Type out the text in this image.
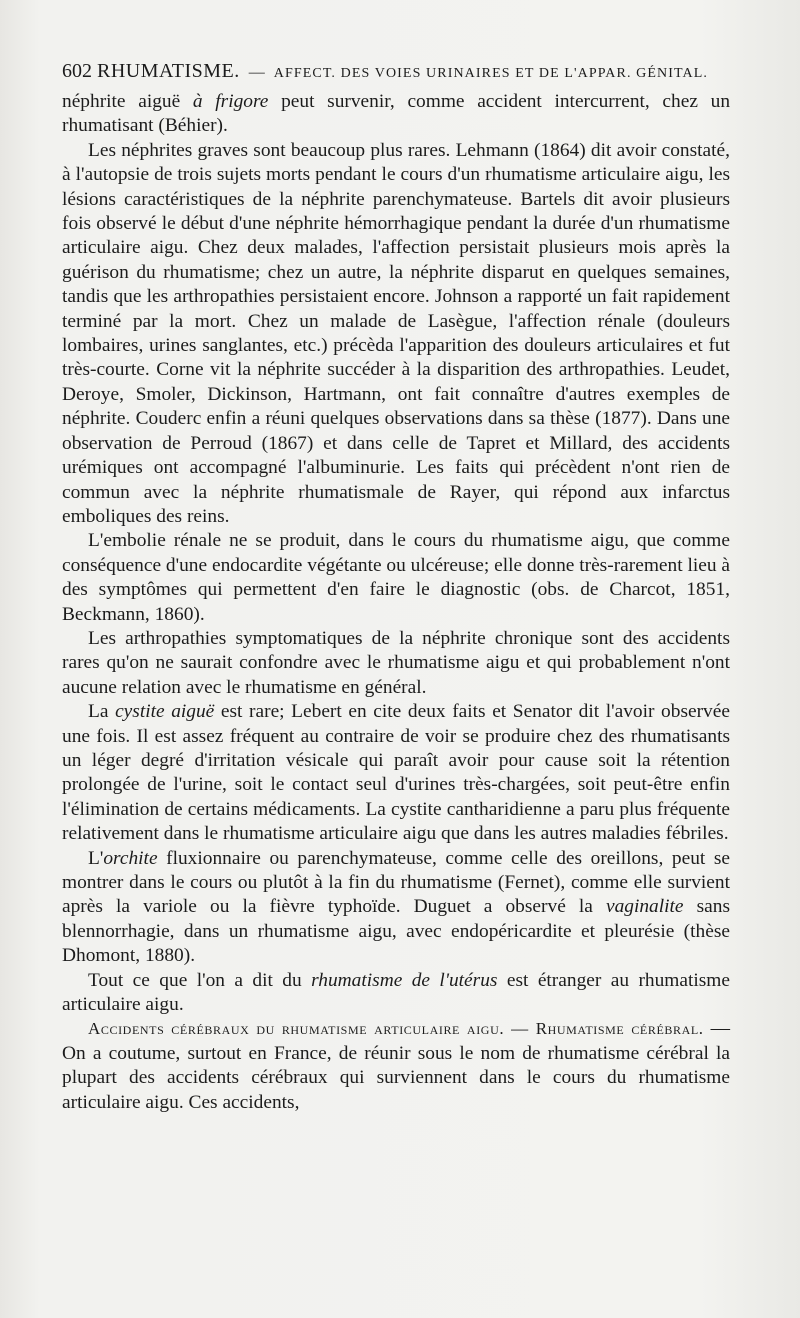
602 RHUMATISME. — AFFECT. DES VOIES URINAIRES ET DE L'APPAR. GÉNITAL.

néphrite aiguë à frigore peut survenir, comme accident intercurrent, chez un rhumatisant (Béhier).

Les néphrites graves sont beaucoup plus rares. Lehmann (1864) dit avoir constaté, à l'autopsie de trois sujets morts pendant le cours d'un rhumatisme articulaire aigu, les lésions caractéristiques de la néphrite parenchymateuse. Bartels dit avoir plusieurs fois observé le début d'une néphrite hémorrhagique pendant la durée d'un rhumatisme articulaire aigu. Chez deux malades, l'affection persistait plusieurs mois après la guérison du rhumatisme; chez un autre, la néphrite disparut en quelques semaines, tandis que les arthropathies persistaient encore. Johnson a rapporté un fait rapidement terminé par la mort. Chez un malade de Lasègue, l'affection rénale (douleurs lombaires, urines sanglantes, etc.) précèda l'apparition des douleurs articulaires et fut très-courte. Corne vit la néphrite succéder à la disparition des arthropathies. Leudet, Deroye, Smoler, Dickinson, Hartmann, ont fait connaître d'autres exemples de néphrite. Couderc enfin a réuni quelques observations dans sa thèse (1877). Dans une observation de Perroud (1867) et dans celle de Tapret et Millard, des accidents urémiques ont accompagné l'albuminurie. Les faits qui précèdent n'ont rien de commun avec la néphrite rhumatismale de Rayer, qui répond aux infarctus emboliques des reins.

L'embolie rénale ne se produit, dans le cours du rhumatisme aigu, que comme conséquence d'une endocardite végétante ou ulcéreuse; elle donne très-rarement lieu à des symptômes qui permettent d'en faire le diagnostic (obs. de Charcot, 1851, Beckmann, 1860).

Les arthropathies symptomatiques de la néphrite chronique sont des accidents rares qu'on ne saurait confondre avec le rhumatisme aigu et qui probablement n'ont aucune relation avec le rhumatisme en général.

La cystite aiguë est rare; Lebert en cite deux faits et Senator dit l'avoir observée une fois. Il est assez fréquent au contraire de voir se produire chez des rhumatisants un léger degré d'irritation vésicale qui paraît avoir pour cause soit la rétention prolongée de l'urine, soit le contact seul d'urines très-chargées, soit peut-être enfin l'élimination de certains médicaments. La cystite cantharidienne a paru plus fréquente relativement dans le rhumatisme articulaire aigu que dans les autres maladies fébriles.

L'orchite fluxionnaire ou parenchymateuse, comme celle des oreillons, peut se montrer dans le cours ou plutôt à la fin du rhumatisme (Fernet), comme elle survient après la variole ou la fièvre typhoïde. Duguet a observé la vaginalite sans blennorrhagie, dans un rhumatisme aigu, avec endopéricardite et pleurésie (thèse Dhomont, 1880).

Tout ce que l'on a dit du rhumatisme de l'utérus est étranger au rhumatisme articulaire aigu.

Accidents cérébraux du rhumatisme articulaire aigu. — Rhumatisme cérébral. — On a coutume, surtout en France, de réunir sous le nom de rhumatisme cérébral la plupart des accidents cérébraux qui surviennent dans le cours du rhumatisme articulaire aigu. Ces accidents,
